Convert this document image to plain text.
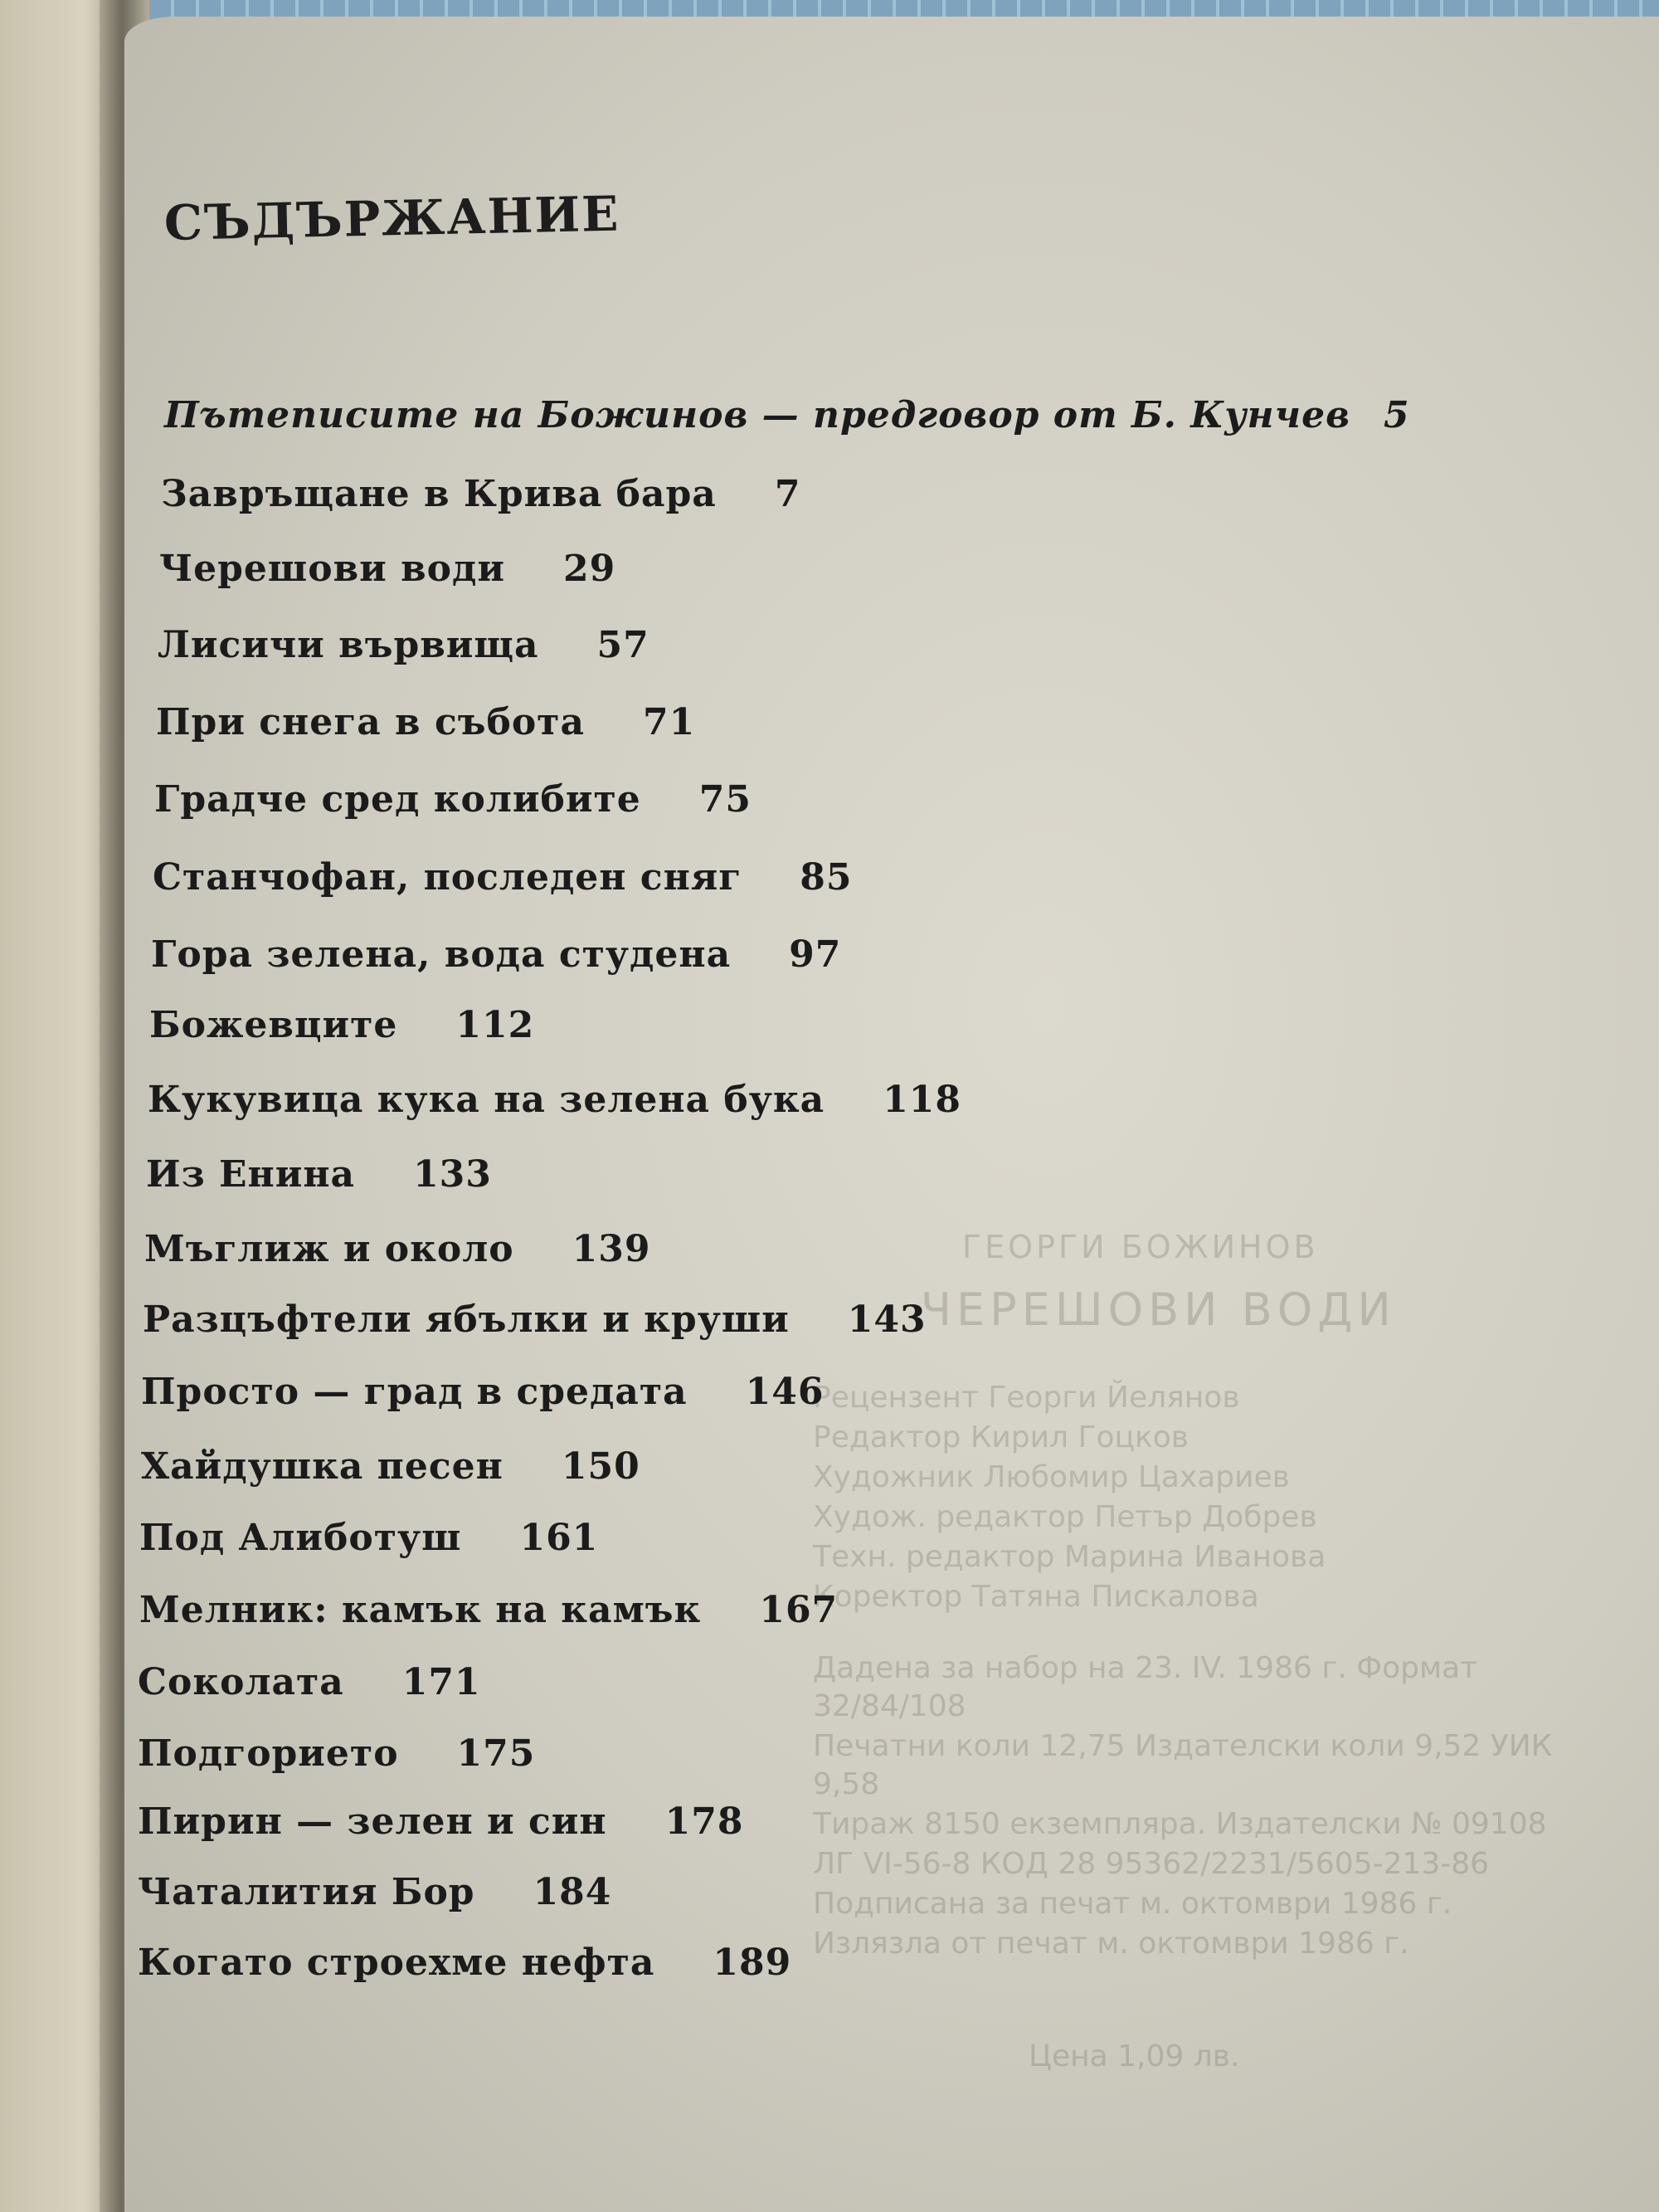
ГЕОРГИ БОЖИНОВ
ЧЕРЕШОВИ ВОДИ
Рецензент Георги Йелянов
Редактор Кирил Гоцков
Художник Любомир Цахариев
Худож. редактор Петър Добрев
Техн. редактор Марина Иванова
Коректор Татяна Пискалова
Дадена за набор на 23. IV. 1986 г. Формат 32/84/108
Печатни коли 12,75 Издателски коли 9,52 УИК 9,58
Тираж 8150 екземпляра. Издателски № 09108
ЛГ VI-56-8 КОД 28 95362/2231/5605-213-86
Подписана за печат м. октомври 1986 г.
Излязла от печат м. октомври 1986 г.
Цена 1,09 лв.
СЪДЪРЖАНИЕ
Пътеписите на Божинов — предговор от Б. Кунчев 5
Завръщане в Крива бара 7
Черешови води 29
Лисичи вървища 57
При снега в събота 71
Градче сред колибите 75
Станчофан, последен сняг 85
Гора зелена, вода студена 97
Божевците 112
Кукувица кука на зелена бука 118
Из Енина 133
Мъглиж и около 139
Разцъфтели ябълки и круши 143
Просто — град в средата 146
Хайдушка песен 150
Под Алиботуш 161
Мелник: камък на камък 167
Соколата 171
Подгорието 175
Пирин — зелен и син 178
Чаталития Бор 184
Когато строехме нефта 189
